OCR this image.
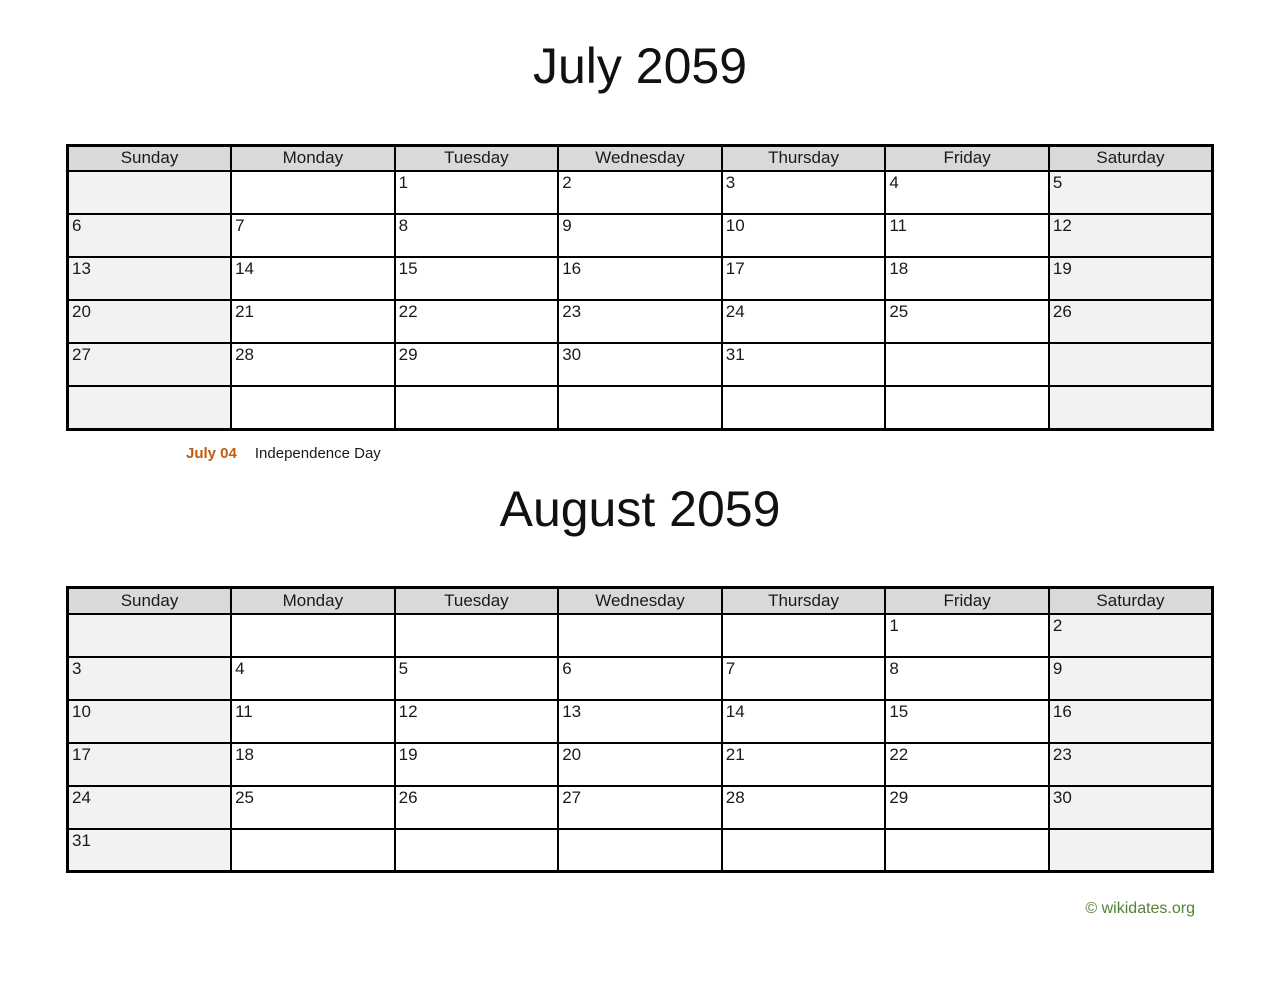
July 2059
Sunday	Monday	Tuesday	Wednesday	Thursday	Friday	Saturday
		1	2	3	4	5
6	7	8	9	10	11	12
13	14	15	16	17	18	19
20	21	22	23	24	25	26
27	28	29	30	31		

July 04 Independence Day
August 2059
Sunday	Monday	Tuesday	Wednesday	Thursday	Friday	Saturday
					1	2
3	4	5	6	7	8	9
10	11	12	13	14	15	16
17	18	19	20	21	22	23
24	25	26	27	28	29	30
31						
© wikidates.org
